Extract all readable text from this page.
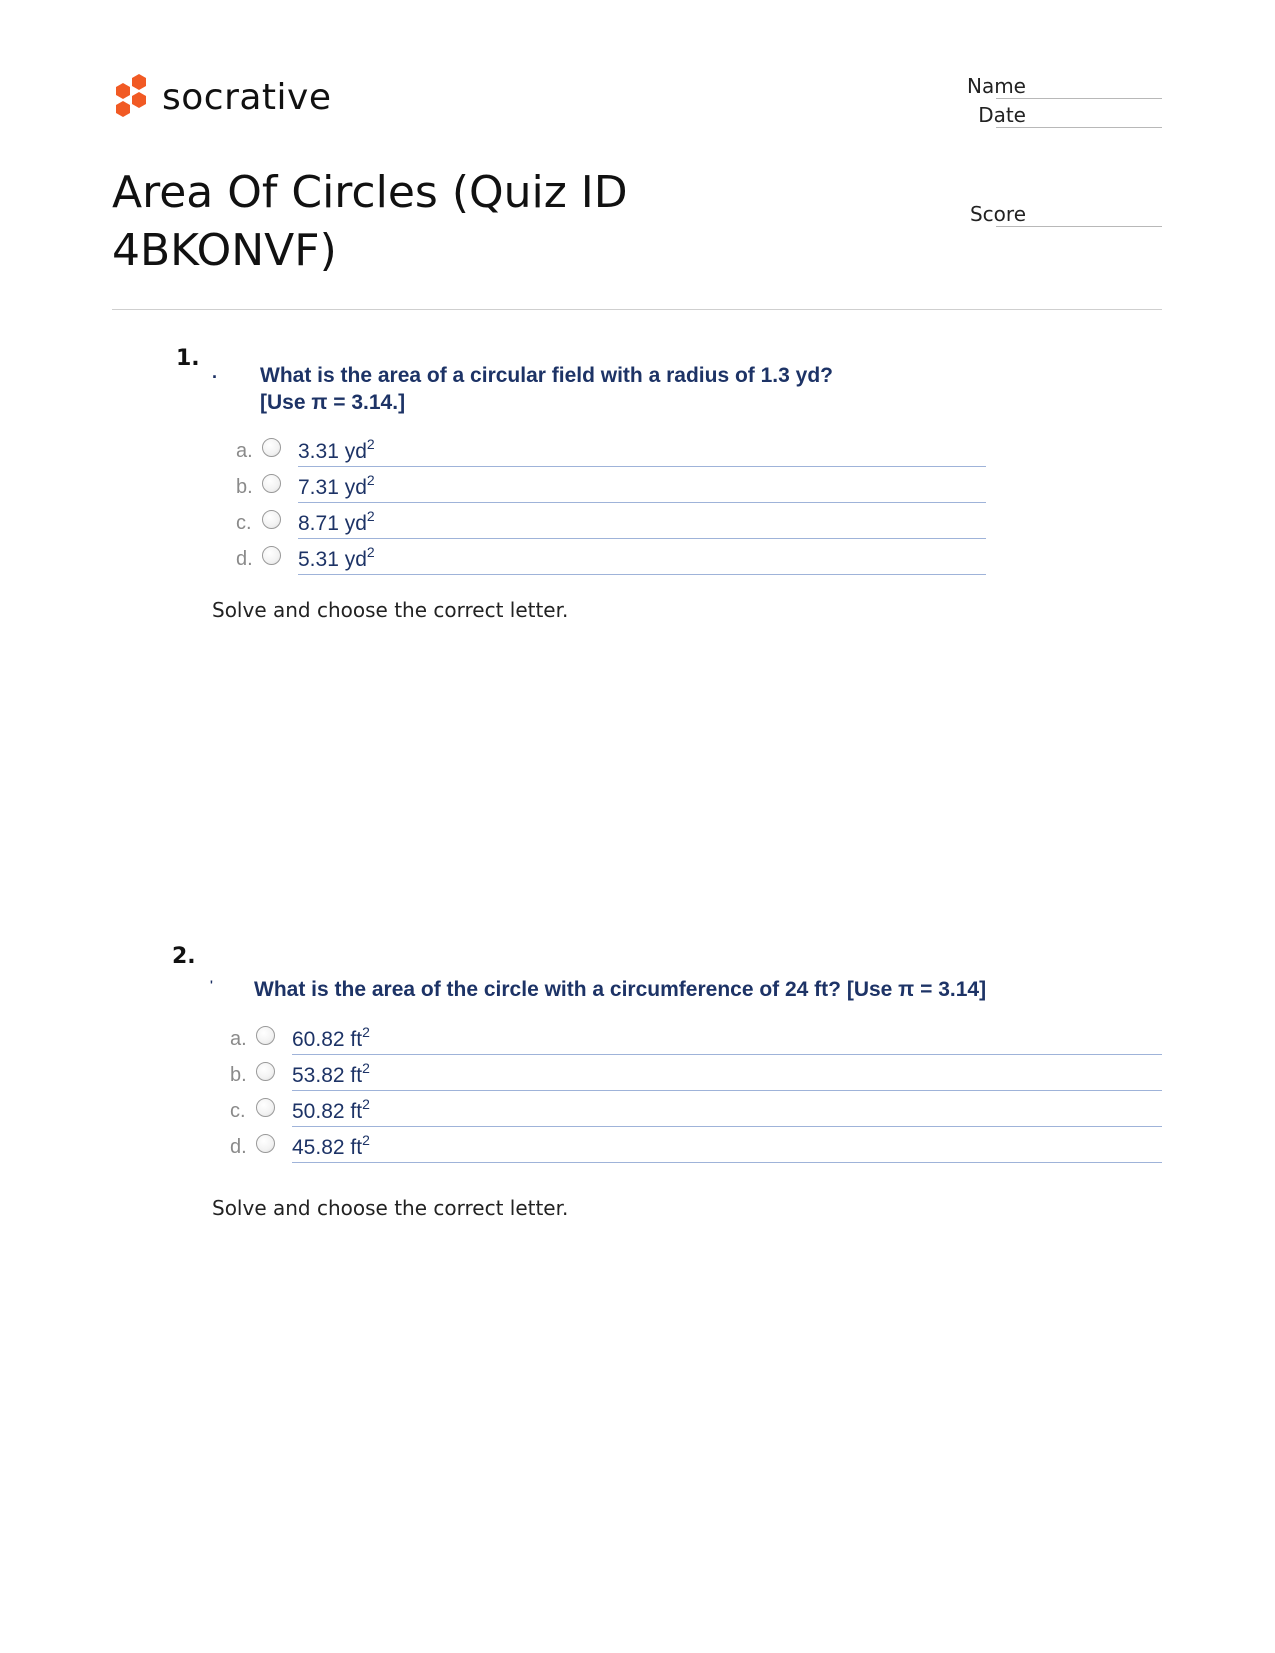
socrative	Name
Date
Score
Area Of Circles (Quiz ID 4BKONVF)
1.
. What is the area of a circular field with a radius of 1.3 yd?
[Use π = 3.14.]
a. 3.31 $yd^2$
b. 7.31 $yd^2$
c. 8.71 $yd^2$
d. 5.31 $yd^2$
Solve and choose the correct letter.
2.
' What is the area of the circle with a circumference of 24 ft? [Use π = 3.14]
a. 60.82 $ft^2$
b. 53.82 $ft^2$
c. 50.82 $ft^2$
d. 45.82 $ft^2$
Solve and choose the correct letter.
